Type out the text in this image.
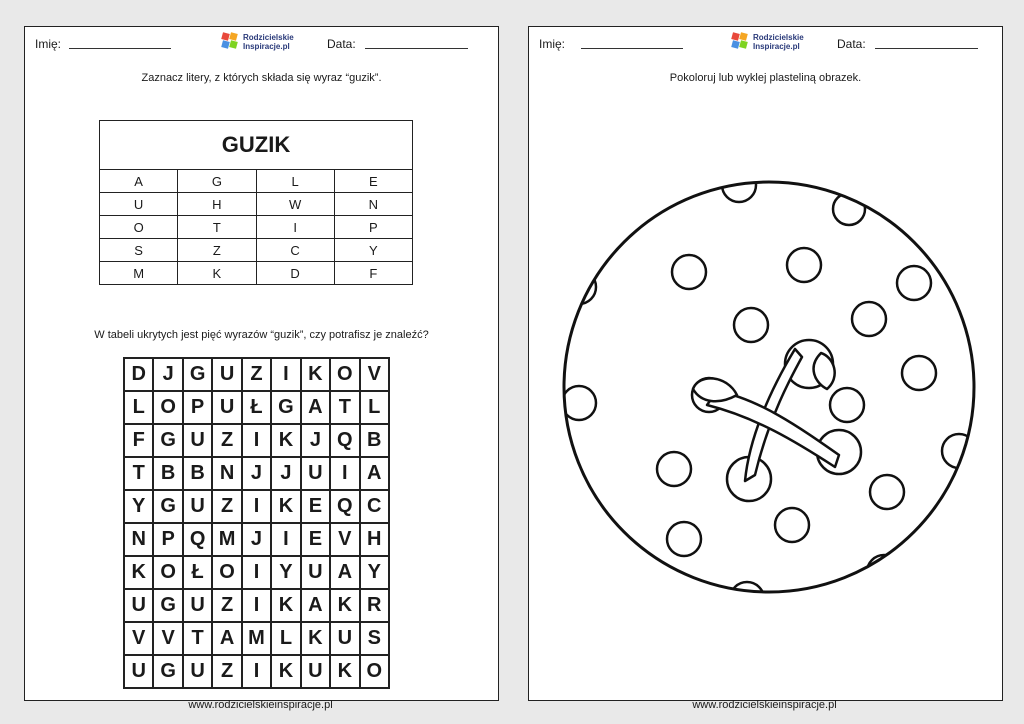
Imię:	Rodzicielskie
Inspiracje.pl	Data:
Zaznacz litery, z których składa się wyraz “guzik”.
GUZIK			
A	G	L	E
U	H	W	N
O	T	I	P
S	Z	C	Y
M	K	D	F
W tabeli ukrytych jest pięć wyrazów “guzik”, czy potrafisz je znaleźć?
D J G U Z	I K O V
L O P U Ł G A T L
F G U Z	I K J Q B
T B B N J J U I A
Y G U Z	I K E Q C
N P Q M J	I E V H
K O Ł O I	Y U A Y
U G U Z	I K A K R
V V T A M L K U S
U G U Z	I K U K O
Imię:	Rodzicielskie
Inspiracje.pl	Data:
Pokoloruj lub wyklej plasteliną obrazek.
www.rodzicielskieinspiracje.pl	www.rodzicielskieinspiracje.pl
